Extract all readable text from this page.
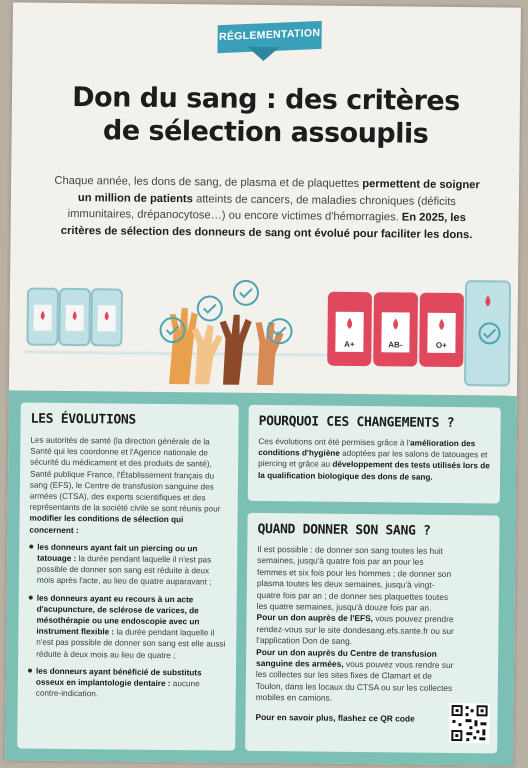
RÉGLEMENTATION
Don du sang : des critères
de sélection assouplis
Chaque année, les dons de sang, de plasma et de plaquettes permettent de soigner un million de patients atteints de cancers, de maladies chroniques (déficits immunitaires, drépanocytose…) ou encore victimes d'hémorragies. En 2025, les critères de sélection des donneurs de sang ont évolué pour faciliter les dons.
A+	AB-	O+
LES ÉVOLUTIONS

Les autorités de santé (la direction générale de la Santé qui les coordonne et l'Agence nationale de sécurité du médicament et des produits de santé), Santé publique France, l'Établissement français du sang (EFS), le Centre de transfusion sanguine des armées (CTSA), des experts scientifiques et des représentants de la société civile se sont réunis pour modifier les conditions de sélection qui concernent :

les donneurs ayant fait un piercing ou un tatouage : la durée pendant laquelle il n'est pas possible de donner son sang est réduite à deux mois après l'acte, au lieu de quatre auparavant ;
les donneurs ayant eu recours à un acte d'acupuncture, de sclérose de varices, de mésothérapie ou une endoscopie avec un instrument flexible : la durée pendant laquelle il n'est pas possible de donner son sang est elle aussi réduite à deux mois au lieu de quatre ;
les donneurs ayant bénéficié de substituts osseux en implantologie dentaire : aucune contre-indication.
POURQUOI CES CHANGEMENTS ?

Ces évolutions ont été permises grâce à l'amélioration des conditions d'hygiène adoptées par les salons de tatouages et piercing et grâce au développement des tests utilisés lors de la qualification biologique des dons de sang.

QUAND DONNER SON SANG ?

Il est possible : de donner son sang toutes les huit semaines, jusqu'à quatre fois par an pour les femmes et six fois pour les hommes ; de donner son plasma toutes les deux semaines, jusqu'à vingt-quatre fois par an ; de donner ses plaquettes toutes les quatre semaines, jusqu'à douze fois par an.

Pour un don auprès de l'EFS, vous pouvez prendre rendez-vous sur le site dondesang.efs.sante.fr ou sur l'application Don de sang.

Pour un don auprès du Centre de transfusion sanguine des armées, vous pouvez vous rendre sur les collectes sur les sites fixes de Clamart et de Toulon, dans les locaux du CTSA ou sur les collectes mobiles en camions.

Pour en savoir plus, flashez ce QR code
